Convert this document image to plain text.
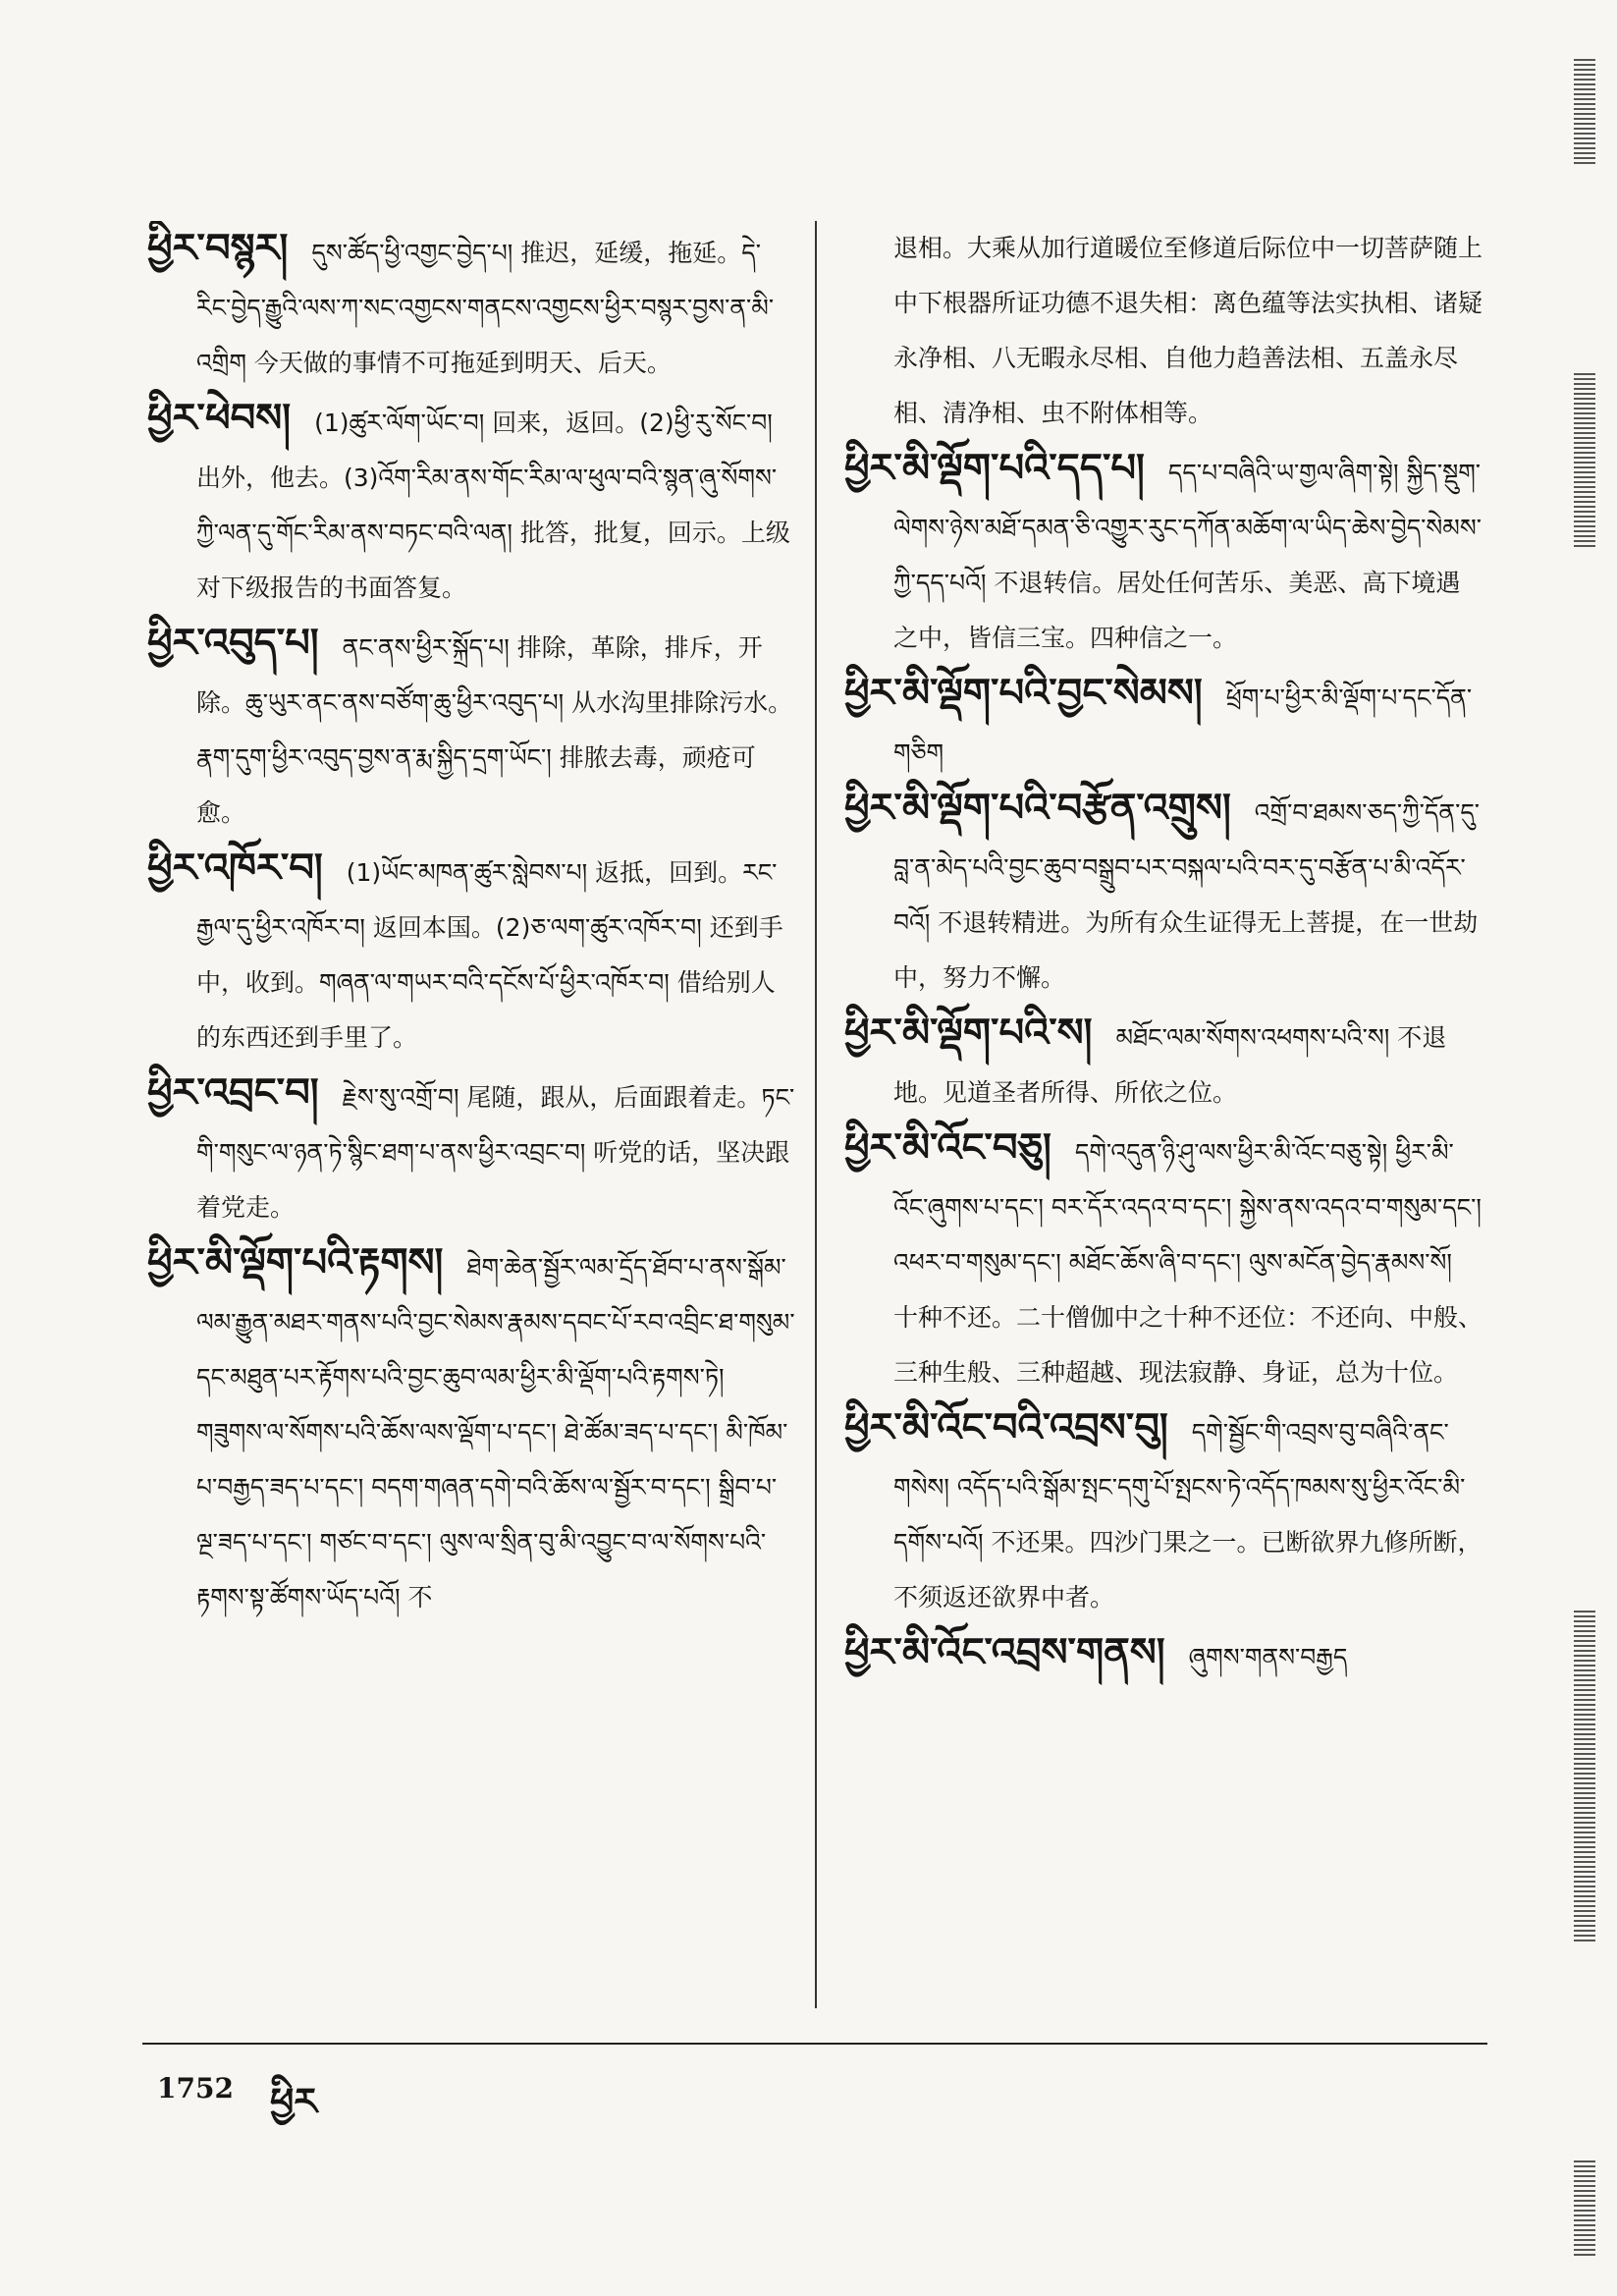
ཕྱིར་བསྙར། དུས་ཚོད་ཕྱི་འགྱང་བྱེད་པ། 推迟，延缓，拖延。དེ་རིང་བྱེད་རྒྱུའི་ལས་ཀ་སང་འགྱངས་གནངས་འགྱངས་ཕྱིར་བསྙར་བྱས་ན་མི་འགྲིག 今天做的事情不可拖延到明天、后天。

ཕྱིར་ཕེབས། (1)ཚུར་ལོག་ཡོང་བ། 回来，返回。(2)ཕྱི་རུ་སོང་བ། 出外，他去。(3)འོག་རིམ་ནས་གོང་རིམ་ལ་ཕུལ་བའི་སྙན་ཞུ་སོགས་ཀྱི་ལན་དུ་གོང་རིམ་ནས་བཏང་བའི་ལན། 批答，批复，回示。上级对下级报告的书面答复。

ཕྱིར་འབུད་པ། ནང་ནས་ཕྱིར་སྐྲོད་པ། 排除，革除，排斥，开除。ཆུ་ཡུར་ནང་ནས་བཙོག་ཆུ་ཕྱིར་འབུད་པ། 从水沟里排除污水。རྣག་དུག་ཕྱིར་འབུད་བྱས་ན་རྨ་སྐྱིད་དྲག་ཡོང་། 排脓去毒，顽疮可愈。

ཕྱིར་འཁོར་བ། (1)ཡོང་མཁན་ཚུར་སླེབས་པ། 返抵，回到。རང་རྒྱལ་དུ་ཕྱིར་འཁོར་བ། 返回本国。(2)ཅ་ལག་ཚུར་འཁོར་བ། 还到手中，收到。གཞན་ལ་གཡར་བའི་དངོས་པོ་ཕྱིར་འཁོར་བ། 借给别人的东西还到手里了。

ཕྱིར་འབྲང་བ། རྗེས་སུ་འགྲོ་བ། 尾随，跟从，后面跟着走。ཏང་གི་གསུང་ལ་ཉན་ཏེ་སྙིང་ཐག་པ་ནས་ཕྱིར་འབྲང་བ། 听党的话，坚决跟着党走。

ཕྱིར་མི་ལྡོག་པའི་རྟགས། ཐེག་ཆེན་སྦྱོར་ལམ་དྲོད་ཐོབ་པ་ནས་སྒོམ་ལམ་རྒྱུན་མཐར་གནས་པའི་བྱང་སེམས་རྣམས་དབང་པོ་རབ་འབྲིང་ཐ་གསུམ་དང་མཐུན་པར་རྟོགས་པའི་བྱང་ཆུབ་ལམ་ཕྱིར་མི་ལྡོག་པའི་རྟགས་ཏེ། གཟུགས་ལ་སོགས་པའི་ཆོས་ལས་ལྡོག་པ་དང་། ཐེ་ཚོམ་ཟད་པ་དང་། མི་ཁོམ་པ་བརྒྱད་ཟད་པ་དང་། བདག་གཞན་དགེ་བའི་ཆོས་ལ་སྦྱོར་བ་དང་། སྒྲིབ་པ་ལྔ་ཟད་པ་དང་། གཙང་བ་དང་། ལུས་ལ་སྲིན་བུ་མི་འབྱུང་བ་ལ་སོགས་པའི་རྟགས་སྟ་ཚོགས་ཡོད་པའོ། 不

退相。大乘从加行道暖位至修道后际位中一切菩萨随上中下根器所证功德不退失相：离色蕴等法实执相、诸疑永净相、八无暇永尽相、自他力趋善法相、五盖永尽相、清净相、虫不附体相等。

ཕྱིར་མི་ལྡོག་པའི་དད་པ། དད་པ་བཞིའི་ཡ་གྱལ་ཞིག་སྟེ། སྐྱིད་སྡུག་ལེགས་ཉེས་མཐོ་དམན་ཅི་འགྱུར་རུང་དཀོན་མཆོག་ལ་ཡིད་ཆེས་བྱེད་སེམས་ཀྱི་དད་པའོ། 不退转信。居处任何苦乐、美恶、高下境遇之中，皆信三宝。四种信之一。

ཕྱིར་མི་ལྡོག་པའི་བྱང་སེམས། ཕྲོག་པ་ཕྱིར་མི་ལྡོག་པ་དང་དོན་གཅིག

ཕྱིར་མི་ལྡོག་པའི་བརྩོན་འགྲུས། འགྲོ་བ་ཐམས་ཅད་ཀྱི་དོན་དུ་བླ་ན་མེད་པའི་བྱང་ཆུབ་བསྒྲུབ་པར་བསྐལ་པའི་བར་དུ་བརྩོན་པ་མི་འདོར་བའོ། 不退转精进。为所有众生证得无上菩提，在一世劫中，努力不懈。

ཕྱིར་མི་ལྡོག་པའི་ས། མཐོང་ལམ་སོགས་འཕགས་པའི་ས། 不退地。见道圣者所得、所依之位。

ཕྱིར་མི་འོང་བཅུ། དགེ་འདུན་ཉི་ཤུ་ལས་ཕྱིར་མི་འོང་བཅུ་སྟེ། ཕྱིར་མི་འོང་ཞུགས་པ་དང་། བར་དོར་འདའ་བ་དང་། སྐྱེས་ནས་འདའ་བ་གསུམ་དང་། འཕར་བ་གསུམ་དང་། མཐོང་ཆོས་ཞི་བ་དང་། ལུས་མངོན་བྱེད་རྣམས་སོ། 十种不还。二十僧伽中之十种不还位：不还向、中般、三种生般、三种超越、现法寂静、身证，总为十位。

ཕྱིར་མི་འོང་བའི་འབྲས་བུ། དགེ་སྦྱོང་གི་འབྲས་བུ་བཞིའི་ནང་གསེས། འདོད་པའི་སྒོམ་སྤང་དགུ་པོ་སྤངས་ཏེ་འདོད་ཁམས་སུ་ཕྱིར་འོང་མི་དགོས་པའོ། 不还果。四沙门果之一。已断欲界九修所断，不须返还欲界中者。

ཕྱིར་མི་འོང་འབྲས་གནས། ཞུགས་གནས་བརྒྱད

1752 ཕྱིར
